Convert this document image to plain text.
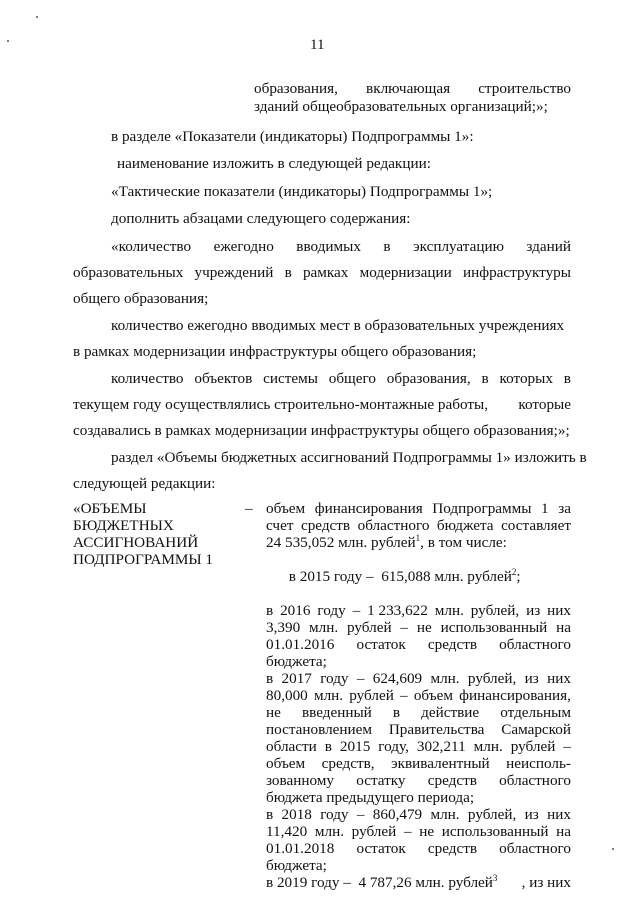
11
образования, включающая строительство
зданий общеобразовательных организаций;»;
в разделе «Показатели (индикаторы) Подпрограммы 1»:
наименование изложить в следующей редакции:
«Тактические показатели (индикаторы) Подпрограммы 1»;
дополнить абзацами следующего содержания:
«количество ежегодно вводимых в эксплуатацию зданий
образовательных учреждений в рамках модернизации инфраструктуры
общего образования;
количество ежегодно вводимых мест в образовательных учреждениях
в рамках модернизации инфраструктуры общего образования;
количество объектов системы общего образования, в которых в
текущем году осуществлялись строительно-монтажные работы, которые
создавались в рамках модернизации инфраструктуры общего образования;»;
раздел «Объемы бюджетных ассигнований Подпрограммы 1» изложить в
следующей редакции:
«ОБЪЕМЫ
БЮДЖЕТНЫХ
АССИГНОВАНИЙ
ПОДПРОГРАММЫ 1
– объем финансирования Подпрограммы 1 за
счет средств областного бюджета составляет
24 535,052 млн. рублей$^1$, в том числе:

в 2015 году –  615,088 млн. рублей$^2$;

в 2016 году – 1 233,622 млн. рублей, из них
3,390 млн. рублей – не использованный на
01.01.2016 остаток средств областного
бюджета;
в 2017 году – 624,609 млн. рублей, из них
80,000 млн. рублей – объем финансирования,
не введенный в действие отдельным
постановлением Правительства Самарской
области в 2015 году, 302,211 млн. рублей –
объем средств, эквивалентный неисполь-
зованному остатку средств областного
бюджета предыдущего периода;
в 2018 году – 860,479 млн. рублей, из них
11,420 млн. рублей – не использованный на
01.01.2018 остаток средств областного
бюджета;
в 2019 году –  4 787,26 млн. рублей$^3$ , из них
